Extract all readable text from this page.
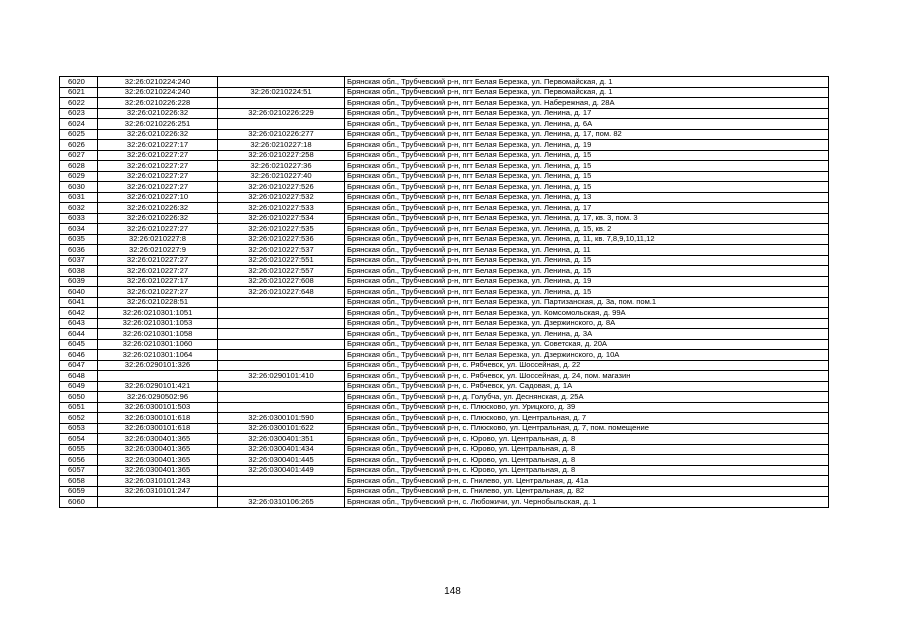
6020	32:26:0210224:240		Брянская обл., Трубчевский р-н, пгт Белая Березка, ул. Первомайская, д. 1
6021	32:26:0210224:240	32:26:0210224:51	Брянская обл., Трубчевский р-н, пгт Белая Березка, ул. Первомайская, д. 1
6022	32:26:0210226:228		Брянская обл., Трубчевский р-н, пгт Белая Березка, ул. Набережная, д. 28А
6023	32:26:0210226:32	32:26:0210226:229	Брянская обл., Трубчевский р-н, пгт Белая Березка, ул. Ленина, д. 17
6024	32:26:0210226:251		Брянская обл., Трубчевский р-н, пгт Белая Березка, ул. Ленина, д. 6А
6025	32:26:0210226:32	32:26:0210226:277	Брянская обл., Трубчевский р-н, пгт Белая Березка, ул. Ленина, д. 17, пом. 82
6026	32:26:0210227:17	32:26:0210227:18	Брянская обл., Трубчевский р-н, пгт Белая Березка, ул. Ленина, д. 19
6027	32:26:0210227:27	32:26:0210227:258	Брянская обл., Трубчевский р-н, пгт Белая Березка, ул. Ленина, д. 15
6028	32:26:0210227:27	32:26:0210227:36	Брянская обл., Трубчевский р-н, пгт Белая Березка, ул. Ленина, д. 15
6029	32:26:0210227:27	32:26:0210227:40	Брянская обл., Трубчевский р-н, пгт Белая Березка, ул. Ленина, д. 15
6030	32:26:0210227:27	32:26:0210227:526	Брянская обл., Трубчевский р-н, пгт Белая Березка, ул. Ленина, д. 15
6031	32:26:0210227:10	32:26:0210227:532	Брянская обл., Трубчевский р-н, пгт Белая Березка, ул. Ленина, д. 13
6032	32:26:0210226:32	32:26:0210227:533	Брянская обл., Трубчевский р-н, пгт Белая Березка, ул. Ленина, д. 17
6033	32:26:0210226:32	32:26:0210227:534	Брянская обл., Трубчевский р-н, пгт Белая Березка, ул. Ленина, д. 17, кв. 3, пом. 3
6034	32:26:0210227:27	32:26:0210227:535	Брянская обл., Трубчевский р-н, пгт Белая Березка, ул. Ленина, д. 15, кв. 2
6035	32:26:0210227:8	32:26:0210227:536	Брянская обл., Трубчевский р-н, пгт Белая Березка, ул. Ленина, д. 11, кв. 7,8,9,10,11,12
6036	32:26:0210227:9	32:26:0210227:537	Брянская обл., Трубчевский р-н, пгт Белая Березка, ул. Ленина, д. 11
6037	32:26:0210227:27	32:26:0210227:551	Брянская обл., Трубчевский р-н, пгт Белая Березка, ул. Ленина, д. 15
6038	32:26:0210227:27	32:26:0210227:557	Брянская обл., Трубчевский р-н, пгт Белая Березка, ул. Ленина, д. 15
6039	32:26:0210227:17	32:26:0210227:608	Брянская обл., Трубчевский р-н, пгт Белая Березка, ул. Ленина, д. 19
6040	32:26:0210227:27	32:26:0210227:648	Брянская обл., Трубчевский р-н, пгт Белая Березка, ул. Ленина, д. 15
6041	32:26:0210228:51		Брянская обл., Трубчевский р-н, пгт Белая Березка, ул. Партизанская, д. 3а, пом. пом.1
6042	32:26:0210301:1051		Брянская обл., Трубчевский р-н, пгт Белая Березка, ул. Комсомольская, д. 99А
6043	32:26:0210301:1053		Брянская обл., Трубчевский р-н, пгт Белая Березка, ул. Дзержинского, д. 8А
6044	32:26:0210301:1058		Брянская обл., Трубчевский р-н, пгт Белая Березка, ул. Ленина, д. 3А
6045	32:26:0210301:1060		Брянская обл., Трубчевский р-н, пгт Белая Березка, ул. Советская, д. 20А
6046	32:26:0210301:1064		Брянская обл., Трубчевский р-н, пгт Белая Березка, ул. Дзержинского, д. 10А
6047	32:26:0290101:326		Брянская обл., Трубчевский р-н, с. Рябчевск, ул. Шоссейная, д. 22
6048		32:26:0290101:410	Брянская обл., Трубчевский р-н, с. Рябчевск, ул. Шоссейная, д. 24, пом. магазин
6049	32:26:0290101:421		Брянская обл., Трубчевский р-н, с. Рябчевск, ул. Садовая, д. 1А
6050	32:26:0290502:96		Брянская обл., Трубчевский р-н, д. Голубча, ул. Деснянская, д. 25А
6051	32:26:0300101:503		Брянская обл., Трубчевский р-н, с. Плюсково, ул. Урицкого, д. 39
6052	32:26:0300101:618	32:26:0300101:590	Брянская обл., Трубчевский р-н, с. Плюсково, ул. Центральная, д. 7
6053	32:26:0300101:618	32:26:0300101:622	Брянская обл., Трубчевский р-н, с. Плюсково, ул. Центральная, д. 7, пом. помещение
6054	32:26:0300401:365	32:26:0300401:351	Брянская обл., Трубчевский р-н, с. Юрово, ул. Центральная, д. 8
6055	32:26:0300401:365	32:26:0300401:434	Брянская обл., Трубчевский р-н, с. Юрово, ул. Центральная, д. 8
6056	32:26:0300401:365	32:26:0300401:445	Брянская обл., Трубчевский р-н, с. Юрово, ул. Центральная, д. 8
6057	32:26:0300401:365	32:26:0300401:449	Брянская обл., Трубчевский р-н, с. Юрово, ул. Центральная, д. 8
6058	32:26:0310101:243		Брянская обл., Трубчевский р-н, с. Гнилево, ул. Центральная, д. 41а
6059	32:26:0310101:247		Брянская обл., Трубчевский р-н, с. Гнилево, ул. Центральная, д. 82
6060		32:26:0310106:265	Брянская обл., Трубчевский р-н, с. Любожичи, ул. Чернобыльская, д. 1
148
